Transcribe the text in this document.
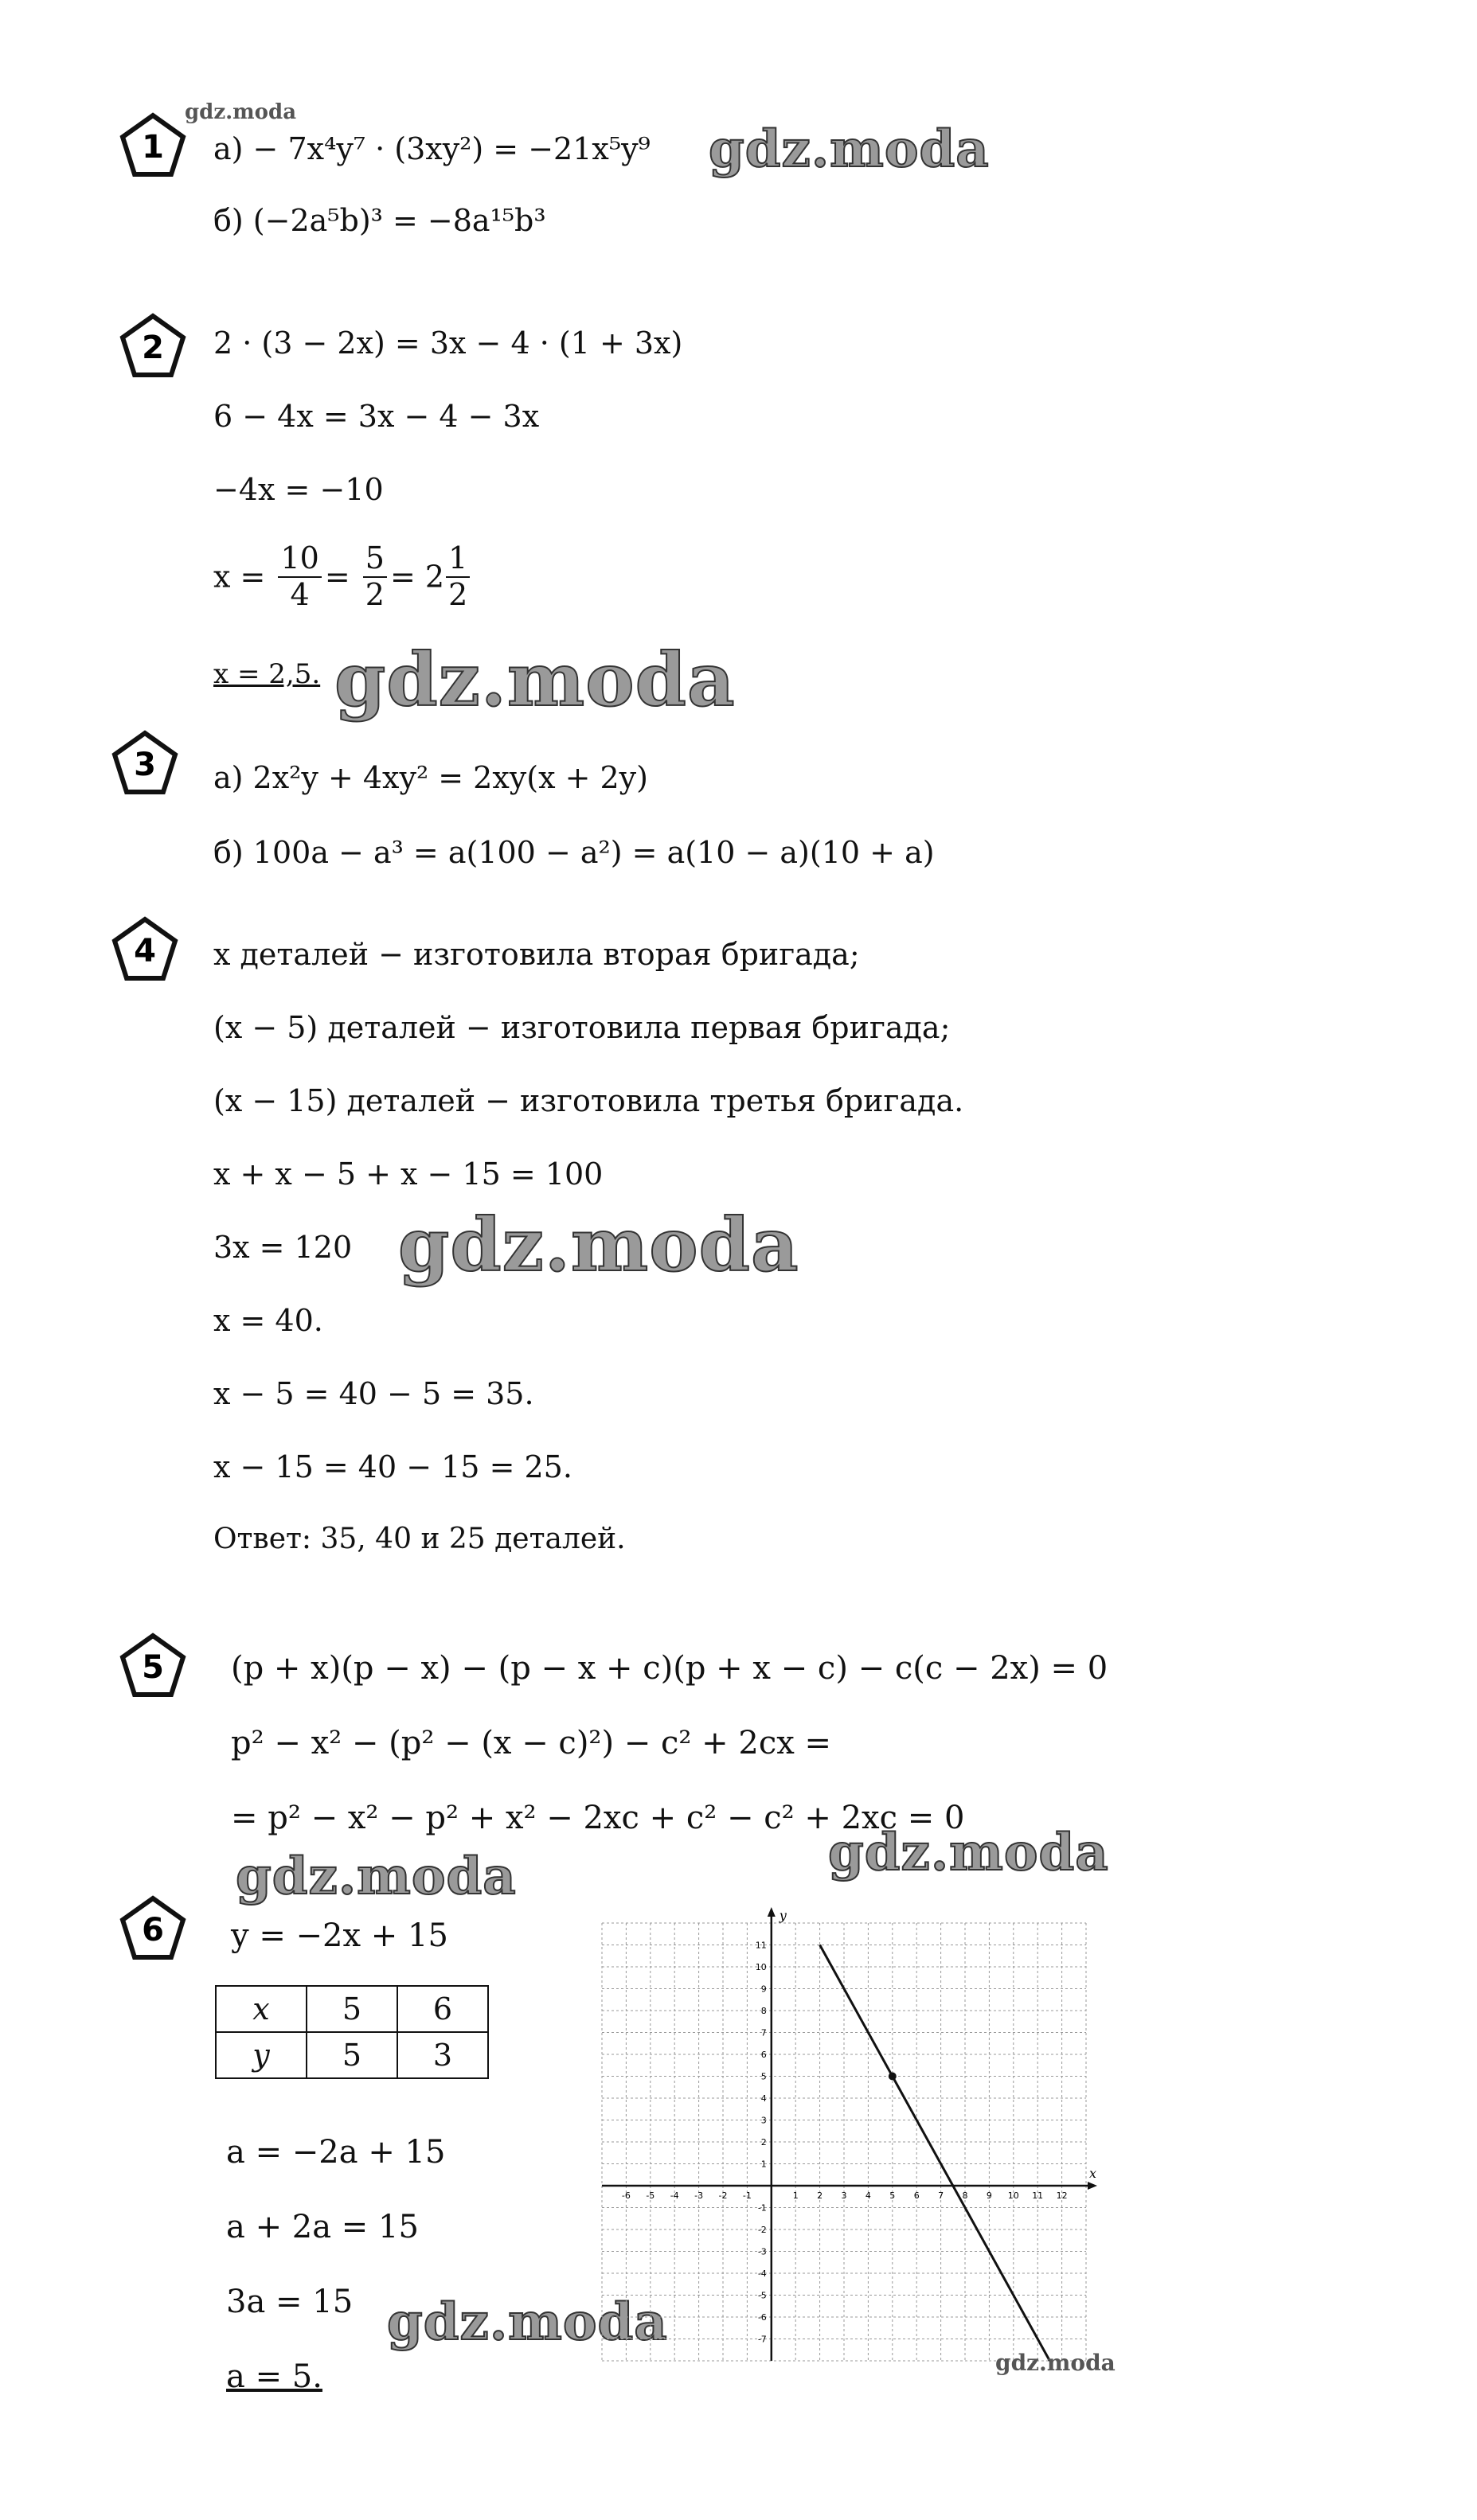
1
gdz.moda
а) − 7x⁴y⁷ · (3xy²) = −21x⁵y⁹ gdz.moda
б) (−2a⁵b)³ = −8a¹⁵b³
2 2 · (3 − 2x) = 3x − 4 · (1 + 3x)
6 − 4x = 3x − 4 − 3x
−4x = −10
$x = \frac{10}{4} = \frac{5}{2} = 2 \frac{1}{2}$
x = 2,5. gdz.moda
3 а) 2x²y + 4xy² = 2xy(x + 2y)
б) 100a − a³ = a(100 − a²) = a(10 − a)(10 + a)
4 x деталей − изготовила вторая бригада;
(x − 5) деталей − изготовила первая бригада;
(x − 15) деталей − изготовила третья бригада.
x + x − 5 + x − 15 = 100
3x = 120 gdz.moda
x = 40.
x − 5 = 40 − 5 = 35.
x − 15 = 40 − 15 = 25.
Ответ: 35, 40 и 25 деталей.
5 (p + x)(p − x) − (p − x + c)(p + x − c) − c(c − 2x) = 0
p² − x² − (p² − (x − c)²) − c² + 2cx =
= p² − x² − p² + x² − 2xc + c² − c² + 2xc = 0
gdz.moda
gdz.moda
6 y = −2x + 15
x	5	6
y	5	3
a = −2a + 15
a + 2a = 15
3a = 15 gdz.moda
a = 5.
x
y
-6 -5 -4 -3 -2 -1	1 2 3 4 5 6 7 8 9 10 11 12
11
10
9
8
7
6
5
4
3
2
1
-1
-2
-3
-4
-5
-6
-7
gdz.moda
